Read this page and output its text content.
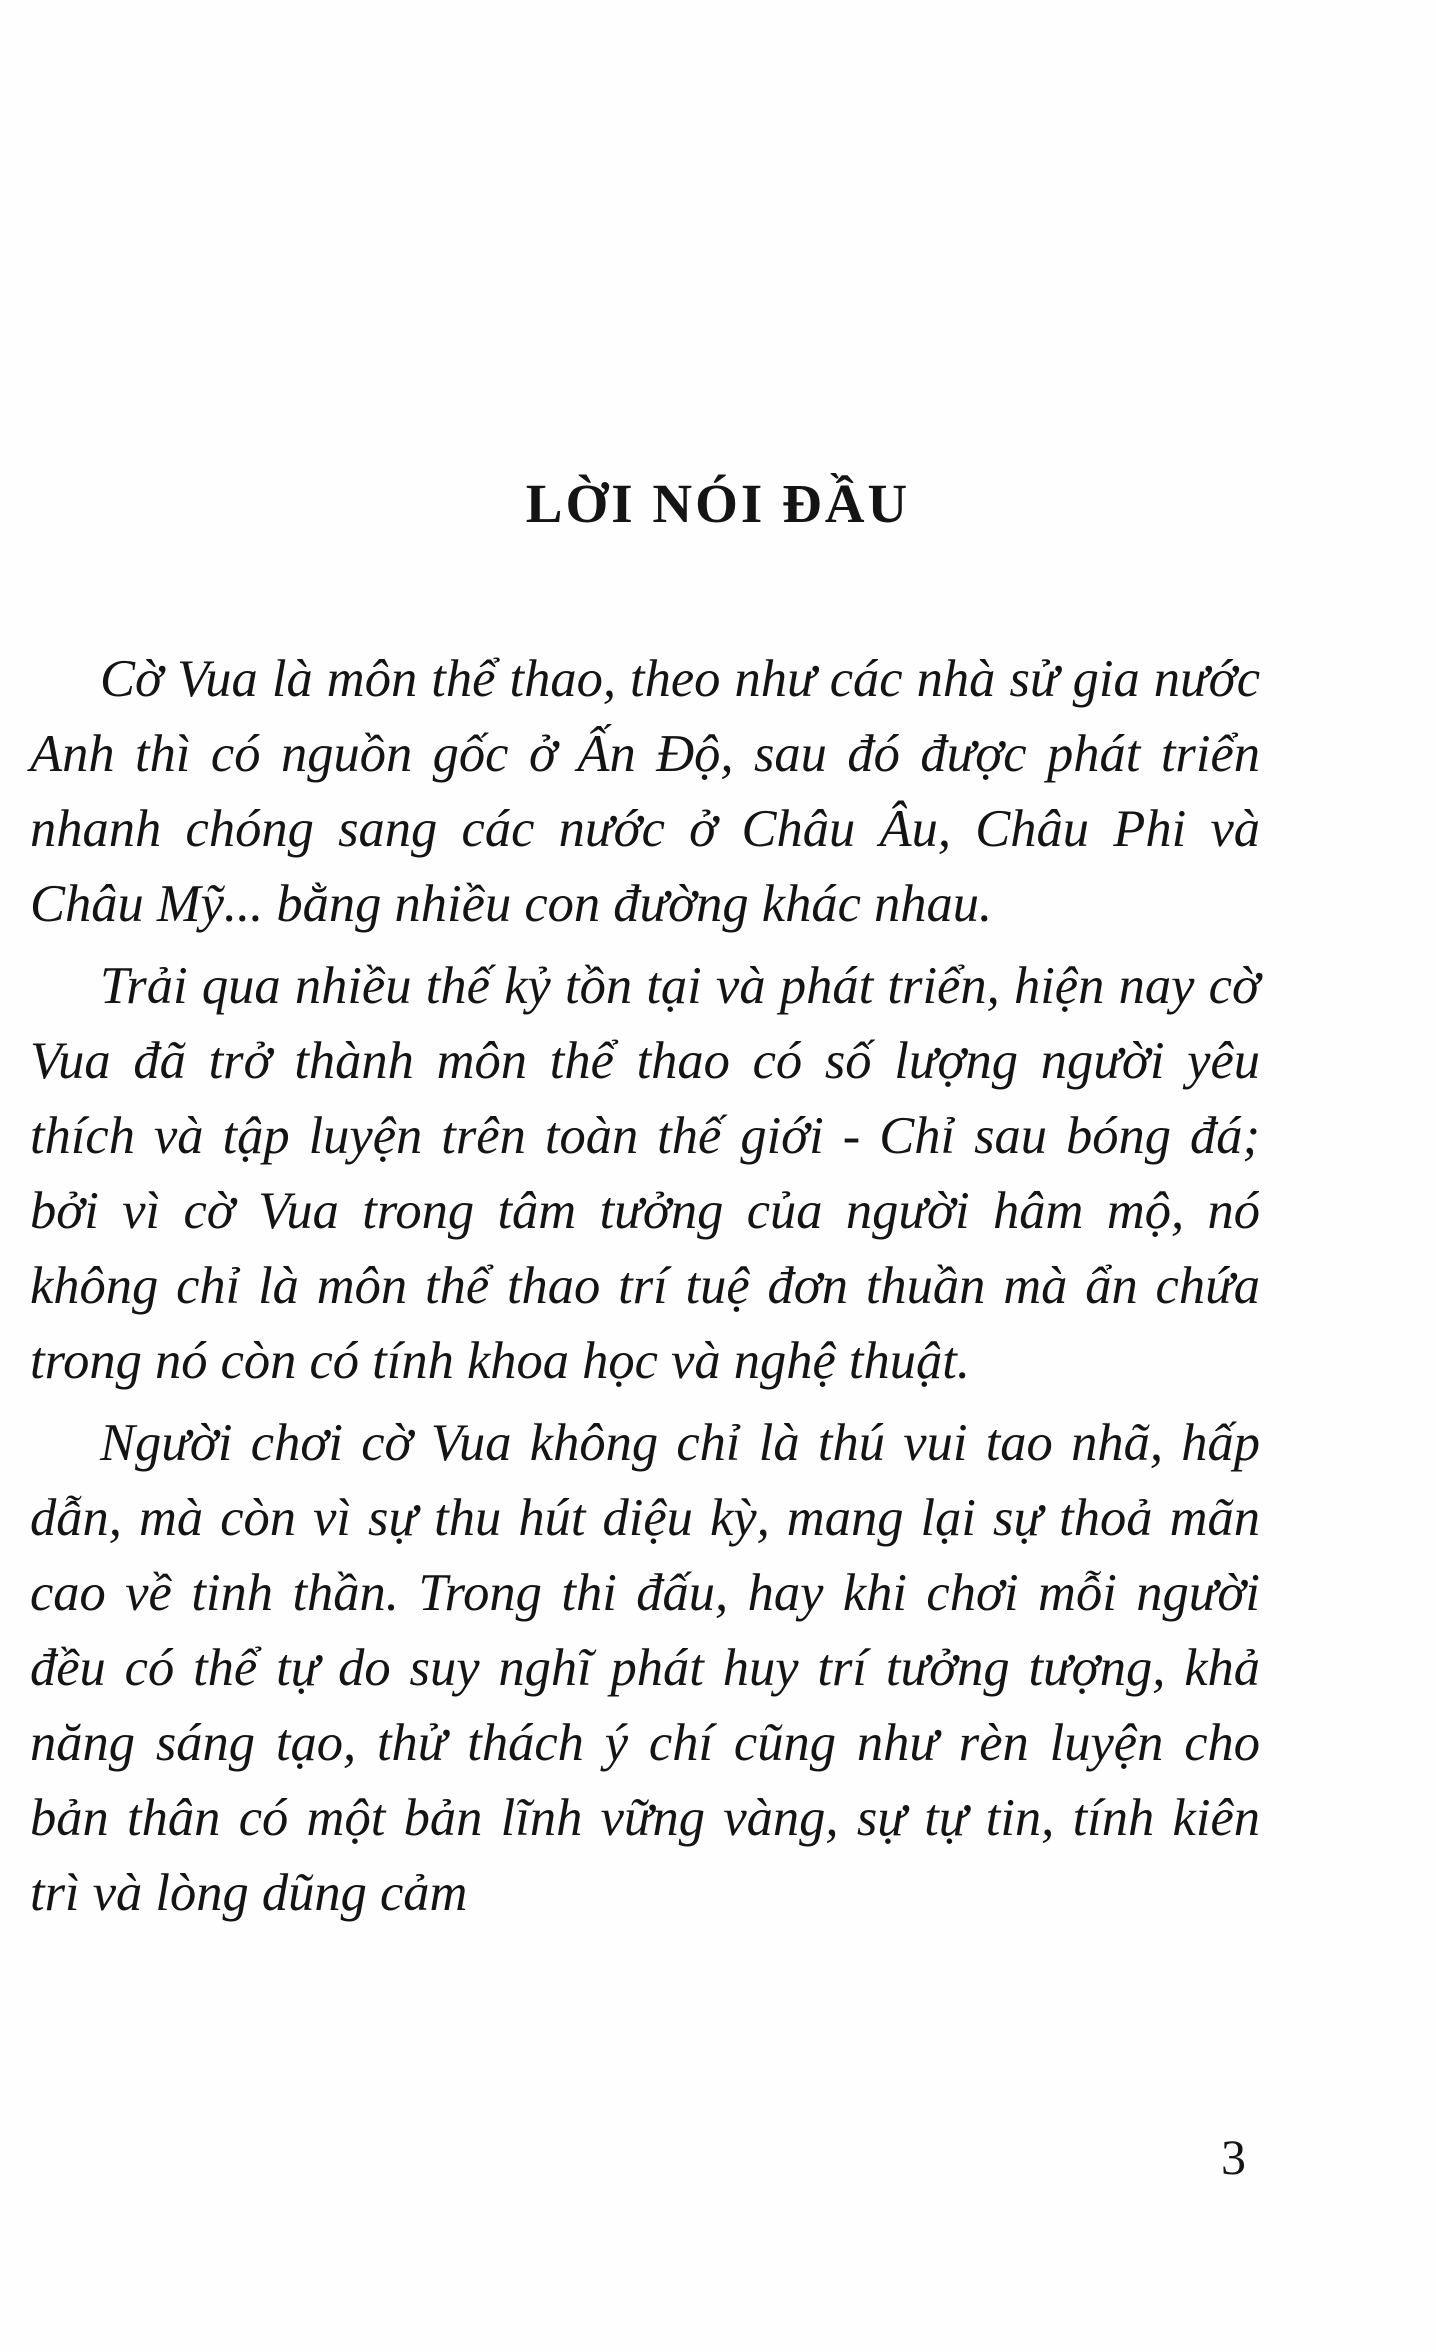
LỜI NÓI ĐẦU

Cờ Vua là môn thể thao, theo như các nhà sử gia nước Anh thì có nguồn gốc ở Ấn Độ, sau đó được phát triển nhanh chóng sang các nước ở Châu Âu, Châu Phi và Châu Mỹ... bằng nhiều con đường khác nhau.

Trải qua nhiều thế kỷ tồn tại và phát triển, hiện nay cờ Vua đã trở thành môn thể thao có số lượng người yêu thích và tập luyện trên toàn thế giới - Chỉ sau bóng đá; bởi vì cờ Vua trong tâm tưởng của người hâm mộ, nó không chỉ là môn thể thao trí tuệ đơn thuần mà ẩn chứa trong nó còn có tính khoa học và nghệ thuật.

Người chơi cờ Vua không chỉ là thú vui tao nhã, hấp dẫn, mà còn vì sự thu hút diệu kỳ, mang lại sự thoả mãn cao về tinh thần. Trong thi đấu, hay khi chơi mỗi người đều có thể tự do suy nghĩ phát huy trí tưởng tượng, khả năng sáng tạo, thử thách ý chí cũng như rèn luyện cho bản thân có một bản lĩnh vững vàng, sự tự tin, tính kiên trì và lòng dũng cảm

3
